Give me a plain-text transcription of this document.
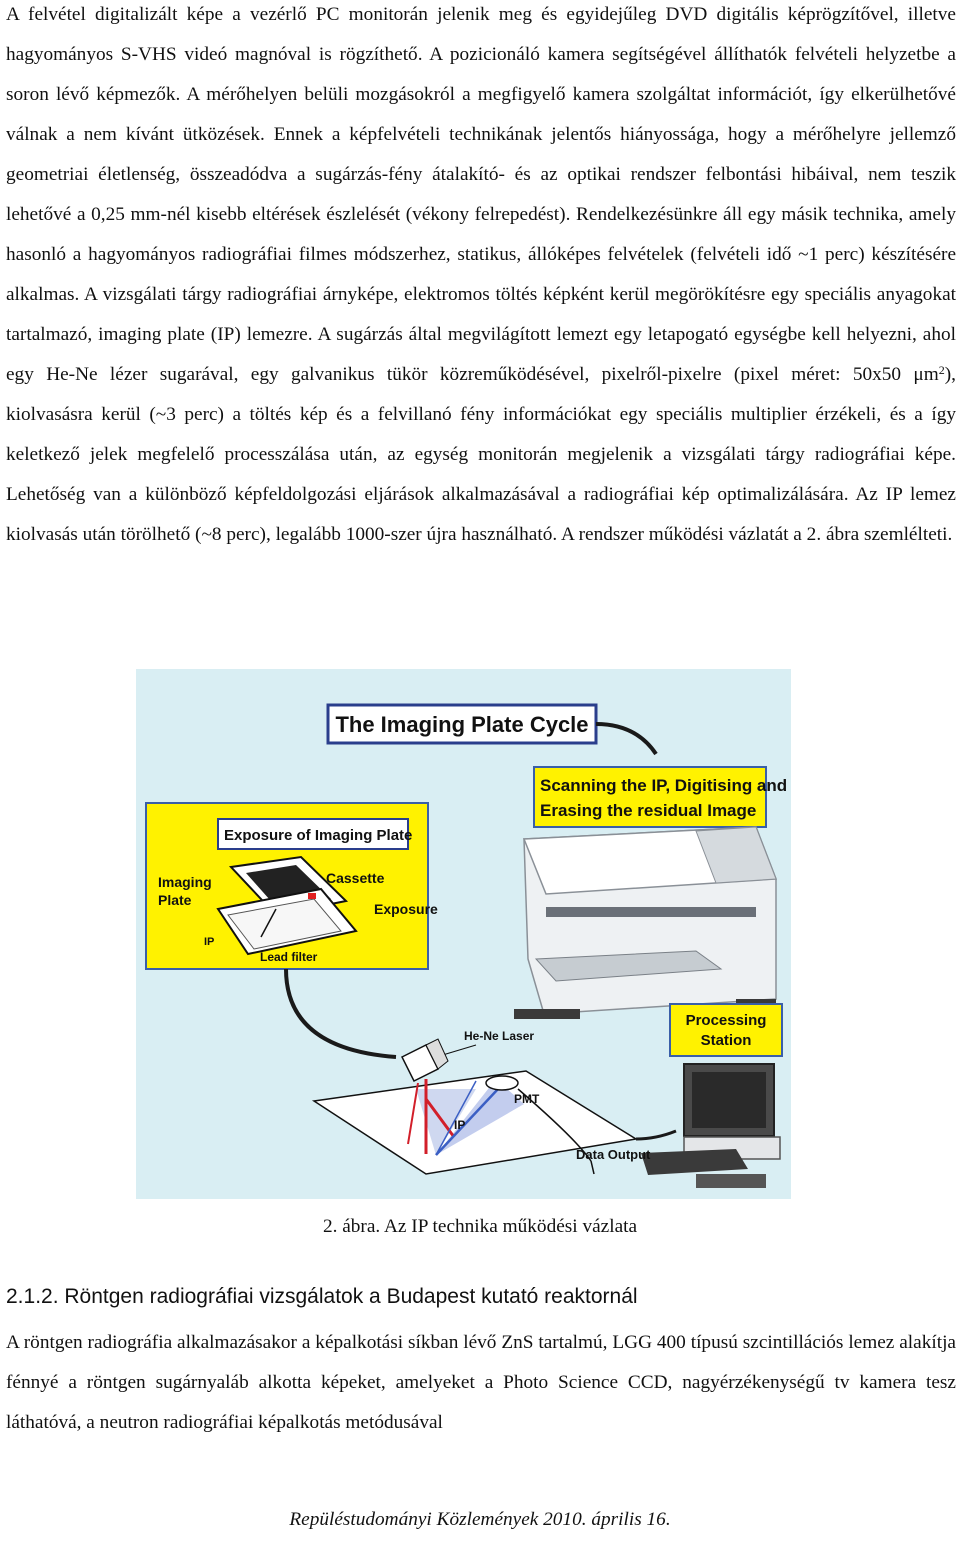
A felvétel digitalizált képe a vezérlő PC monitorán jelenik meg és egyidejűleg DVD digitális képrögzítővel, illetve hagyományos S-VHS videó magnóval is rögzíthető. A pozicionáló kamera segítségével állíthatók felvételi helyzetbe a soron lévő képmezők. A mérőhelyen belüli mozgásokról a megfigyelő kamera szolgáltat információt, így elkerülhetővé válnak a nem kívánt ütközések. Ennek a képfelvételi technikának jelentős hiányossága, hogy a mérőhelyre jellemző geometriai életlenség, összeadódva a sugárzás-fény átalakító- és az optikai rendszer felbontási hibáival, nem teszik lehetővé a 0,25 mm-nél kisebb eltérések észlelését (vékony felrepedést). Rendelkezésünkre áll egy másik technika, amely hasonló a hagyományos radiográfiai filmes módszerhez, statikus, állóképes felvételek (felvételi idő ~1 perc) készítésére alkalmas. A vizsgálati tárgy radiográfiai árnyképe, elektromos töltés képként kerül megörökítésre egy speciális anyagokat tartalmazó, imaging plate (IP) lemezre. A sugárzás által megvilágított lemezt egy letapogató egységbe kell helyezni, ahol egy He-Ne lézer sugarával, egy galvanikus tükör közreműködésével, pixelről-pixelre (pixel méret: 50x50 $\mu m^2$), kiolvasásra kerül (~3 perc) a töltés kép és a felvillanó fény információkat egy speciális multiplier érzékeli, és a így keletkező jelek megfelelő processzálása után, az egység monitorán megjelenik a vizsgálati tárgy radiográfiai képe. Lehetőség van a különböző képfeldolgozási eljárások alkalmazásával a radiográfiai kép optimalizálására. Az IP lemez kiolvasás után törölhető (~8 perc), legalább 1000-szer újra használható. A rendszer működési vázlatát a 2. ábra szemlélteti.

The Imaging Plate Cycle
Scanning the IP, Digitising and
Erasing the residual Image
Exposure of Imaging Plate
Imaging
Plate
Cassette
Exposure
IP
Lead filter
Processing
Station
He-Ne Laser
PMT
IP
Data Output
2. ábra. Az IP technika működési vázlata
2.1.2. Röntgen radiográfiai vizsgálatok a Budapest kutató reaktornál

A röntgen radiográfia alkalmazásakor a képalkotási síkban lévő ZnS tartalmú, LGG 400 típusú szcintillációs lemez alakítja fénnyé a röntgen sugárnyaláb alkotta képeket, amelyeket a Photo Science CCD, nagyérzékenységű tv kamera tesz láthatóvá, a neutron radiográfiai képalkotás metódusával

Repüléstudományi Közlemények 2010. április 16.
